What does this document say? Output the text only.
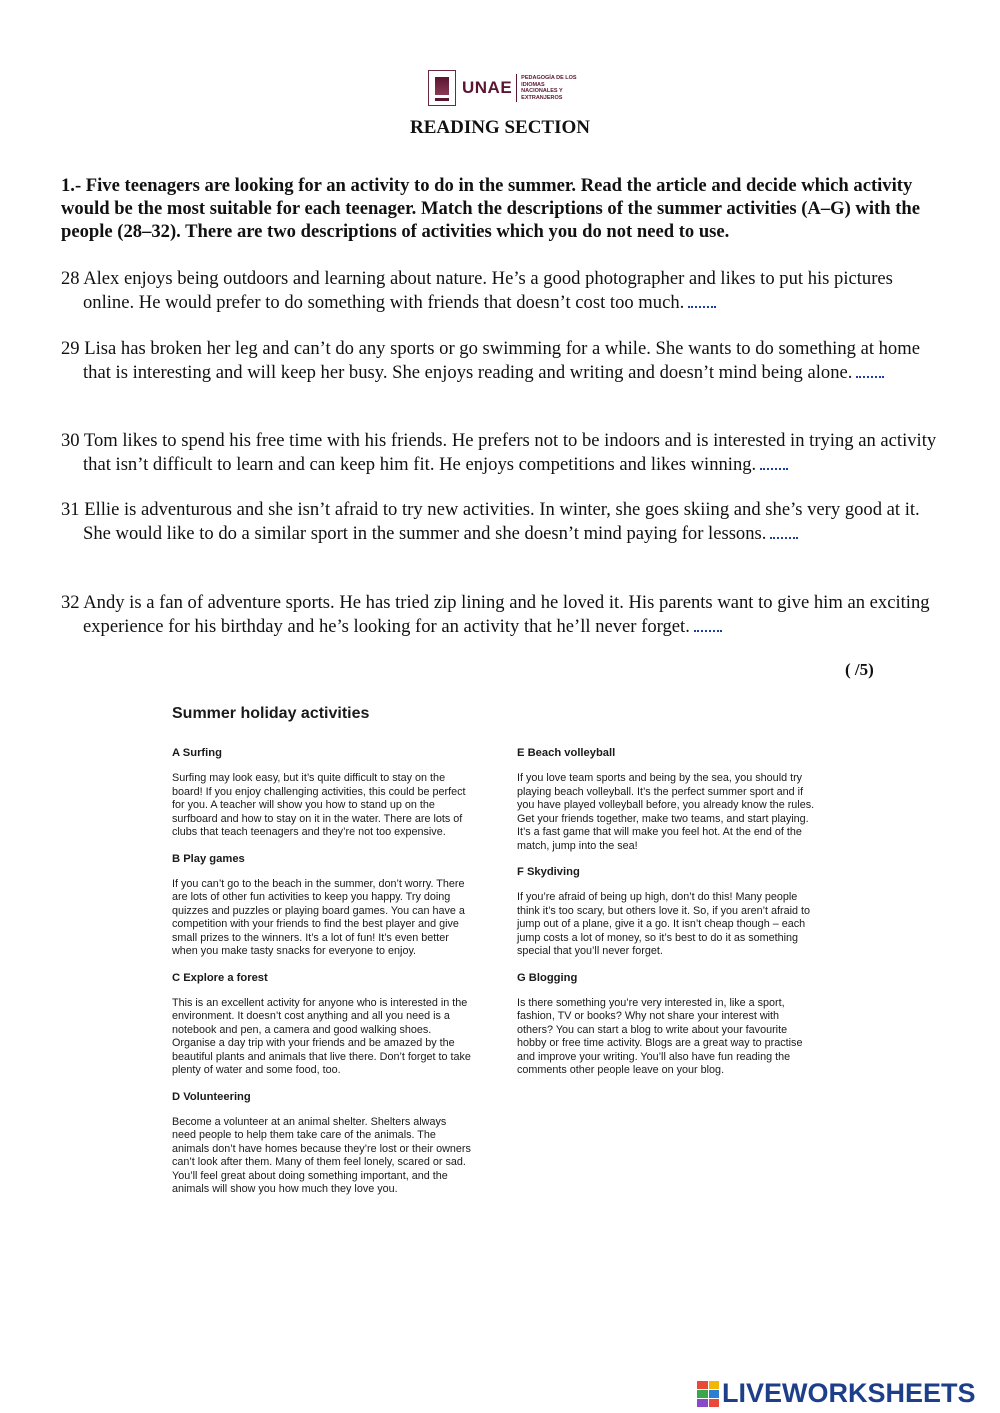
UNAE PEDAGOGÍA DE LOS IDIOMAS NACIONALES Y EXTRANJEROS
READING SECTION
1.- Five teenagers are looking for an activity to do in the summer. Read the article and decide which activity would be the most suitable for each teenager. Match the descriptions of the summer activities (A–G) with the people (28–32). There are two descriptions of activities which you do not need to use.
28 Alex enjoys being outdoors and learning about nature. He’s a good photographer and likes to put his pictures online. He would prefer to do something with friends that doesn’t cost too much.
29 Lisa has broken her leg and can’t do any sports or go swimming for a while. She wants to do something at home that is interesting and will keep her busy. She enjoys reading and writing and doesn’t mind being alone.
30 Tom likes to spend his free time with his friends. He prefers not to be indoors and is interested in trying an activity that isn’t difficult to learn and can keep him fit. He enjoys competitions and likes winning.
31 Ellie is adventurous and she isn’t afraid to try new activities. In winter, she goes skiing and she’s very good at it. She would like to do a similar sport in the summer and she doesn’t mind paying for lessons.
32 Andy is a fan of adventure sports. He has tried zip lining and he loved it. His parents want to give him an exciting experience for his birthday and he’s looking for an activity that he’ll never forget.
( /5)
Summer holiday activities
A Surfing

Surfing may look easy, but it’s quite difficult to stay on the board! If you enjoy challenging activities, this could be perfect for you. A teacher will show you how to stand up on the surfboard and how to stay on it in the water. There are lots of clubs that teach teenagers and they’re not too expensive.

B Play games

If you can’t go to the beach in the summer, don’t worry. There are lots of other fun activities to keep you happy. Try doing quizzes and puzzles or playing board games. You can have a competition with your friends to find the best player and give small prizes to the winners. It’s a lot of fun! It’s even better when you make tasty snacks for everyone to enjoy.

C Explore a forest

This is an excellent activity for anyone who is interested in the environment. It doesn’t cost anything and all you need is a notebook and pen, a camera and good walking shoes. Organise a day trip with your friends and be amazed by the beautiful plants and animals that live there. Don’t forget to take plenty of water and some food, too.

D Volunteering

Become a volunteer at an animal shelter. Shelters always need people to help them take care of the animals. The animals don’t have homes because they’re lost or their owners can’t look after them. Many of them feel lonely, scared or sad. You’ll feel great about doing something important, and the animals will show you how much they love you.

E Beach volleyball

If you love team sports and being by the sea, you should try playing beach volleyball. It’s the perfect summer sport and if you have played volleyball before, you already know the rules. Get your friends together, make two teams, and start playing. It’s a fast game that will make you feel hot. At the end of the match, jump into the sea!

F Skydiving

If you’re afraid of being up high, don’t do this! Many people think it’s too scary, but others love it. So, if you aren’t afraid to jump out of a plane, give it a go. It isn’t cheap though – each jump costs a lot of money, so it’s best to do it as something special that you’ll never forget.

G Blogging

Is there something you’re very interested in, like a sport, fashion, TV or books? Why not share your interest with others? You can start a blog to write about your favourite hobby or free time activity. Blogs are a great way to practise and improve your writing. You’ll also have fun reading the comments other people leave on your blog.

LIVEWORKSHEETS
